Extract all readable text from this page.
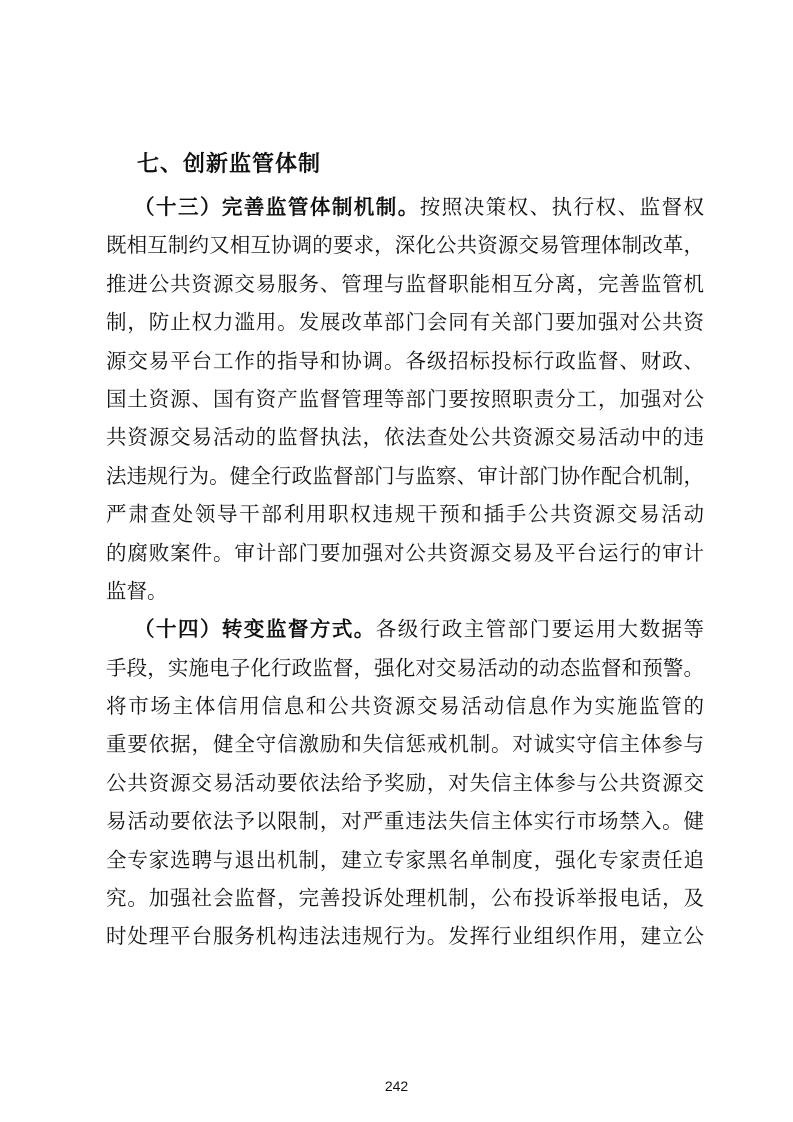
七、创新监管体制
（十三）完善监管体制机制。按照决策权、执行权、监督权
既相互制约又相互协调的要求，深化公共资源交易管理体制改革，
推进公共资源交易服务、管理与监督职能相互分离，完善监管机
制，防止权力滥用。发展改革部门会同有关部门要加强对公共资
源交易平台工作的指导和协调。各级招标投标行政监督、财政、
国土资源、国有资产监督管理等部门要按照职责分工，加强对公
共资源交易活动的监督执法，依法查处公共资源交易活动中的违
法违规行为。健全行政监督部门与监察、审计部门协作配合机制，
严肃查处领导干部利用职权违规干预和插手公共资源交易活动
的腐败案件。审计部门要加强对公共资源交易及平台运行的审计
监督。
（十四）转变监督方式。各级行政主管部门要运用大数据等
手段，实施电子化行政监督，强化对交易活动的动态监督和预警。
将市场主体信用信息和公共资源交易活动信息作为实施监管的
重要依据，健全守信激励和失信惩戒机制。对诚实守信主体参与
公共资源交易活动要依法给予奖励，对失信主体参与公共资源交
易活动要依法予以限制，对严重违法失信主体实行市场禁入。健
全专家选聘与退出机制，建立专家黑名单制度，强化专家责任追
究。加强社会监督，完善投诉处理机制，公布投诉举报电话，及
时处理平台服务机构违法违规行为。发挥行业组织作用，建立公
242
